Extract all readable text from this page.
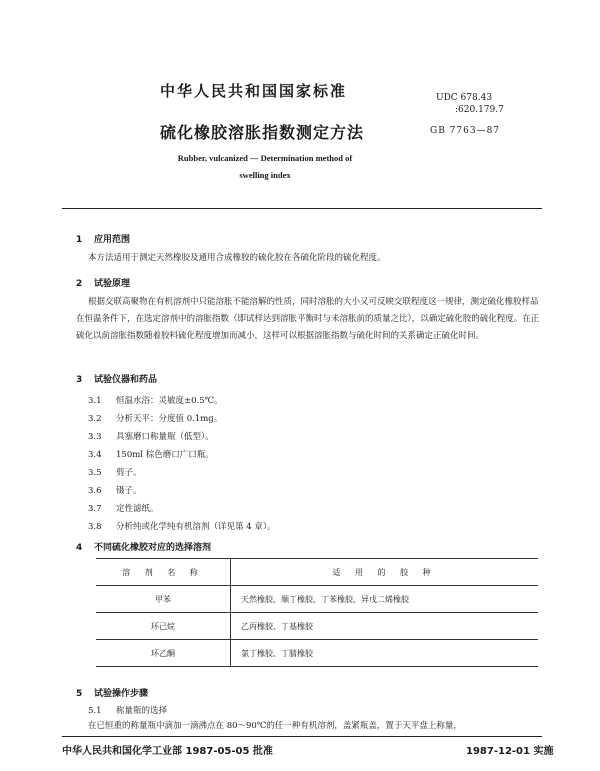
中华人民共和国国家标准	UDC 678.43
:620.179.7
硫化橡胶溶胀指数测定方法	GB 7763—87
Rubber, vulcanized — Determination method of
swelling index
1 应用范围
本方法适用于测定天然橡胶及通用合成橡胶的硫化胶在各硫化阶段的硫化程度。
2 试验原理
根据交联高聚物在有机溶剂中只能溶胀不能溶解的性质，同时溶胀的大小又可反映交联程度这一规律，测定硫化橡胶样品在恒温条件下，在选定溶剂中的溶胀指数（即试样达到溶胀平衡时与未溶胀前的质量之比），以确定硫化胶的硫化程度。在正硫化以前溶胀指数随着胶料硫化程度增加而减小，这样可以根据溶胀指数与硫化时间的关系确定正硫化时间。
3 试验仪器和药品
3.1 恒温水浴：灵敏度±0.5℃。
3.2 分析天平：分度值 0.1mg。
3.3 具塞磨口称量瓶（低型）。
3.4 150ml 棕色磨口广口瓶。
3.5 剪子。
3.6 镊子。
3.7 定性滤纸。
3.8 分析纯或化学纯有机溶剂（详见第 4 章）。
4 不同硫化橡胶对应的选择溶剂
溶 剂 名 称	适 用 的 胶 种
甲苯	天然橡胶、顺丁橡胶、丁苯橡胶、异戊二烯橡胶
环己烷	乙丙橡胶、丁基橡胶
环乙酮	氯丁橡胶、丁腈橡胶
5 试验操作步骤
5.1 称量瓶的选择
在已恒重的称量瓶中滴加一滴沸点在 80～90℃的任一种有机溶剂，盖紧瓶盖，置于天平盘上称量，
中华人民共和国化学工业部 1987-05-05 批准	1987-12-01 实施
